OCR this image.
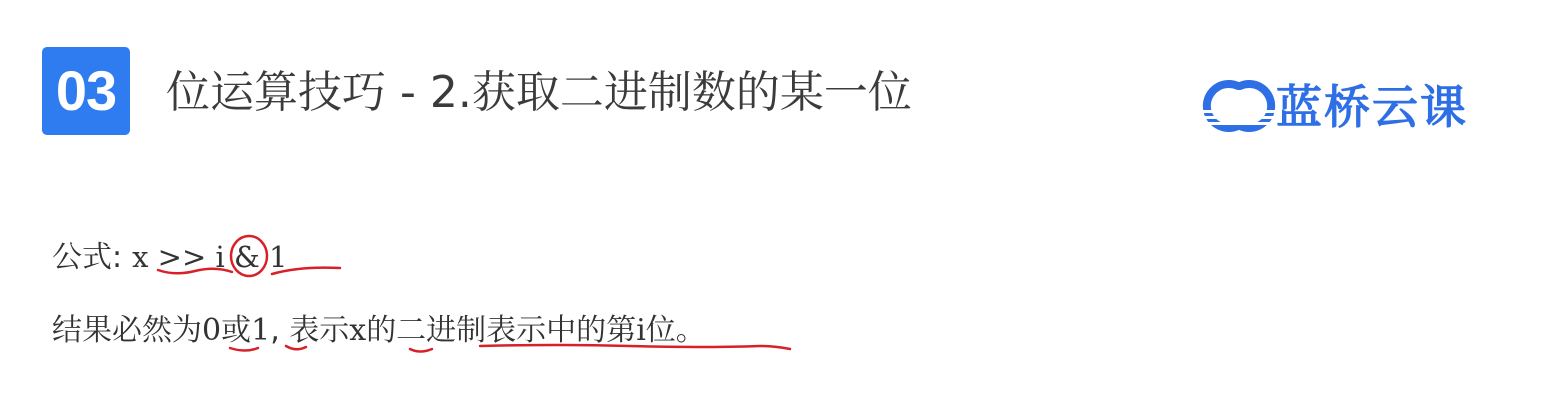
03	位运算技巧 - 2.获取二进制数的某一位	蓝桥云课
公式: x >> i & 1
结果必然为0或1, 表示x的二进制表示中的第i位。
